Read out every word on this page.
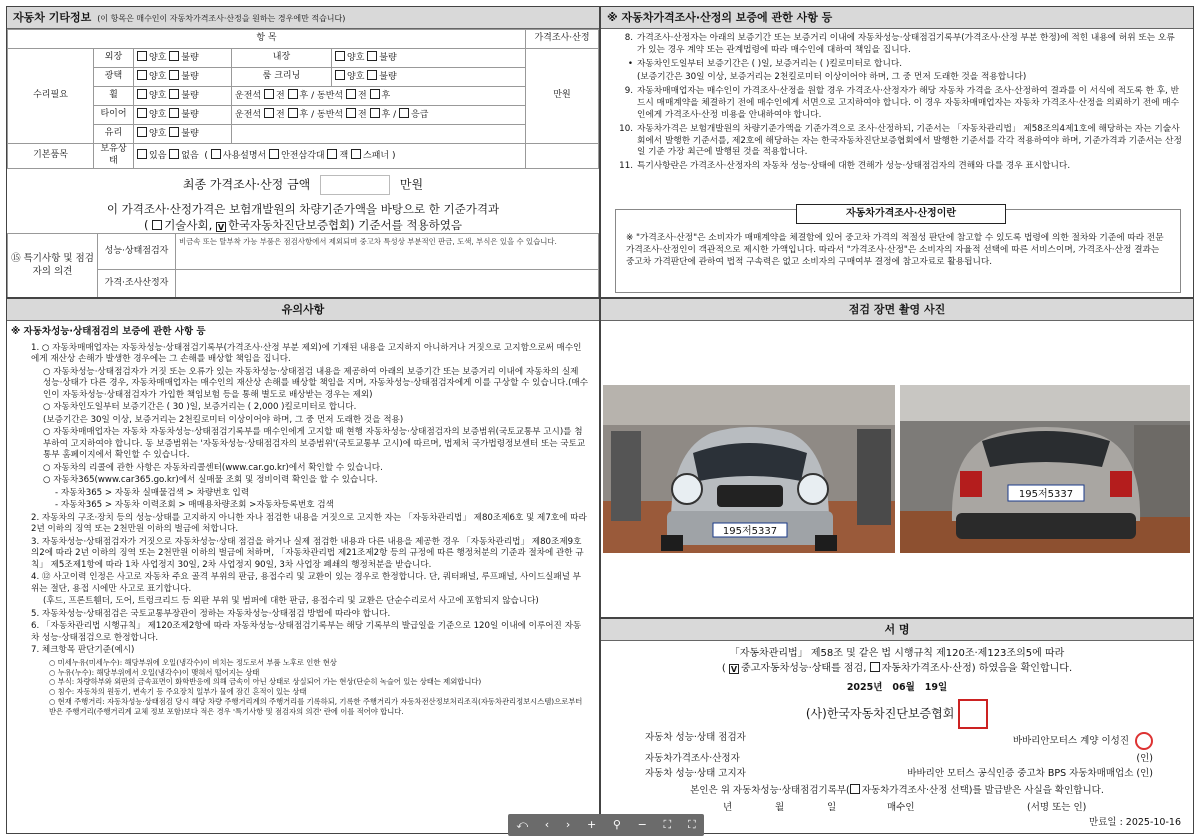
자동차 기타정보 (이 항목은 매수인이 자동차가격조사·산정을 원하는 경우에만 적습니다)
항 목					가격조사·산정
수리필요	외장	양호 불량	내장	양호 불량	만원
	광택	양호 불량	룸 크리닝	양호 불량	
	휠	양호 불량	운전석 전 후 / 동반석 전 후		
	타이어	양호 불량	운전석 전 후 / 동반석 전 후 / 응급		
	유리	양호 불량			
기본품목	보유상태	있음 없음  ( 사용설명서 안전삼각대 잭 스패너 )			
최종 가격조사·산정 금액	만원
이 가격조사·산정가격은 보험개발원의 차량기준가액을 바탕으로 한 기준가격과
( 기술사회, V 한국자동차진단보증협회) 기준서를 적용하였음
⑮ 특기사항 및 점검자의 의견	성능·상태점검자	비금속 또는 탈부착 가능 부품은 점검사항에서 제외되며 중고차 특성상 부분적인 판금, 도색, 부식은 있을 수 있습니다.
	가격·조사산정자	
※ 자동차가격조사·산정의 보증에 관한 사항 등
8. 가격조사·산정자는 아래의 보증기간 또는 보증거리 이내에 자동차성능·상태점검기록부(가격조사·산정 부분 한정)에 적힌 내용에 허위 또는 오류가 있는 경우 계약 또는 관계법령에 따라 매수인에 대하여 책임을 집니다.
• 자동차인도일부터 보증기간은 ( )일, 보증거리는 ( )킬로미터로 합니다.
(보증기간은 30일 이상, 보증거리는 2천킬로미터 이상이어야 하며, 그 중 먼저 도래한 것을 적용합니다)
9. 자동차매매업자는 매수인이 가격조사·산정을 원할 경우 가격조사·산정자가 해당 자동차 가격을 조사·산정하여 결과를 이 서식에 적도록 한 후, 반드시 매매계약을 체결하기 전에 매수인에게 서면으로 고지하여야 합니다. 이 경우 자동차매매업자는 자동차 가격조사·산정을 의뢰하기 전에 매수인에게 가격조사·산정 비용을 안내하여야 합니다.
10. 자동차가격은 보험개발원의 차량기준가액을 기준가격으로 조사·산정하되, 기준서는 「자동차관리법」 제58조의4제1호에 해당하는 자는 기술사회에서 발행한 기준서를, 제2호에 해당하는 자는 한국자동차진단보증협회에서 발행한 기준서를 각각 적용하여야 하며, 기준가격과 기준서는 산정일 기준 가장 최근에 발행된 것을 적용합니다.
11. 특기사항란은 가격조사·산정자의 자동차 성능·상태에 대한 견해가 성능·상태점검자의 견해와 다를 경우 표시합니다.
자동차가격조사·산정이란
※ "가격조사·산정"은 소비자가 매매계약을 체결함에 있어 중고차 가격의 적절성 판단에 참고할 수 있도록 법령에 의한 절차와 기준에 따라 전문 가격조사·산정인이 객관적으로 제시한 가액입니다. 따라서 "가격조사·산정"은 소비자의 자율적 선택에 따른 서비스이며, 가격조사·산정 결과는 중고차 가격판단에 관하여 법적 구속력은 없고 소비자의 구매여부 결정에 참고자료로 활용됩니다.
유의사항
※ 자동차성능·상태점검의 보증에 관한 사항 등
1. ○ 자동차매매업자는 자동차성능·상태점검기록부(가격조사·산정 부분 제외)에 기재된 내용을 고지하지 아니하거나 거짓으로 고지함으로써 매수인에게 재산상 손해가 발생한 경우에는 그 손해를 배상할 책임을 집니다.
○ 자동차성능·상태점검자가 거짓 또는 오류가 있는 자동차성능·상태점검 내용을 제공하여 아래의 보증기간 또는 보증거리 이내에 자동차의 실제 성능·상태가 다른 경우, 자동차매매업자는 매수인의 재산상 손해를 배상할 책임을 지며, 자동차성능·상태점검자에게 이를 구상할 수 있습니다.(매수인이 자동차성능·상태점검자가 가입한 책임보험 등을 통해 별도로 배상받는 경우는 제외)
○ 자동차인도일부터 보증기간은 ( 30 )일, 보증거리는 ( 2,000 )킬로미터로 합니다.
(보증기간은 30일 이상, 보증거리는 2천킬로미터 이상이어야 하며, 그 중 먼저 도래한 것을 적용)
○ 자동차매매업자는 자동차 자동차성능·상태점검기록부를 매수인에게 고지할 때 현행 자동차성능·상태점검자의 보증범위(국토교통부 고시)를 첨부하여 고지하여야 합니다. 동 보증범위는 '자동차성능·상태점검자의 보증범위'(국토교통부 고시)에 따르며, 법제처 국가법령정보센터 또는 국토교통부 홈페이지에서 확인할 수 있습니다.
○ 자동차의 리콜에 관한 사항은 자동차리콜센터(www.car.go.kr)에서 확인할 수 있습니다.
○ 자동차365(www.car365.go.kr)에서 실매물 조회 및 정비이력 확인을 할 수 있습니다.
- 자동차365 > 자동차 실매물검색 > 차량번호 입력
- 자동차365 > 자동차 이력조회 > 매매용차량조회 >자동차등록번호 검색
2. 자동차의 구조·장치 등의 성능·상태를 고지하지 아니한 자나 점검한 내용을 거짓으로 고지한 자는 「자동차관리법」 제80조제6호 및 제7호에 따라 2년 이하의 징역 또는 2천만원 이하의 벌금에 처합니다.
3. 자동차성능·상태점검자가 거짓으로 자동차성능·상태 점검을 하거나 실제 점검한 내용과 다른 내용을 제공한 경우 「자동차관리법」 제80조제9호의2에 따라 2년 이하의 징역 또는 2천만원 이하의 벌금에 처하며, 「자동차관리법 제21조제2항 등의 규정에 따른 행정처분의 기준과 절차에 관한 규칙」 제5조제1항에 따라 1차 사업정지 30일, 2차 사업정지 90일, 3차 사업장 폐쇄의 행정처분을 받습니다.
4. ⑫ 사고이력 인정은 사고로 자동차 주요 골격 부위의 판금, 용접수리 및 교환이 있는 경우로 한정합니다. 단, 쿼터패널, 루프패널, 사이드실패널 부위는 절단, 용접 시에만 사고로 표기합니다.
(후드, 프론트휀더, 도어, 트렁크리드 등 외판 부위 및 범퍼에 대한 판금, 용접수리 및 교환은 단순수리로서 사고에 포함되지 않습니다)
5. 자동차성능·상태점검은 국토교통부장관이 정하는 자동차성능·상태점검 방법에 따라야 합니다.
6. 「자동차관리법 시행규칙」 제120조제2항에 따라 자동차성능·상태점검기록부는 해당 기록부의 발급일을 기준으로 120일 이내에 이루어진 자동차 성능·상태점검으로 한정합니다.
7. 체크항목 판단기준(예시)
○ 미세누유(미세누수): 해당부위에 오일(냉각수)이 비치는 정도로서 부품 노후로 인한 현상
○ 누유(누수): 해당부위에서 오일(냉각수)이 맺혀서 떨어지는 상태
○ 부식: 차량하부와 외판의 금속표면이 화학반응에 의해 금속이 아닌 상태로 상실되어 가는 현상(단순히 녹슬어 있는 상태는 제외합니다)
○ 침수: 자동차의 원동기, 변속기 등 주요장치 일부가 물에 잠긴 흔적이 있는 상태
○ 현재 주행거리: 자동차성능·상태점검 당시 해당 차량 주행거리계의 주행거리를 기록하되, 기록한 주행거리가 자동차전산정보처리조직(자동차관리정보시스템)으로부터 받은 주행거리(주행거리계 교체 정보 포함)보다 적은 경우 '특기사항 및 점검자의 의견' 란에 이를 적어야 합니다.
점검 장면 촬영 사진
195저5337
195저5337
서 명
「자동차관리법」 제58조 및 같은 법 시행규칙 제120조·제123조의5에 따라
( V 중고자동차성능·상태를 점검, 자동차가격조사·산정) 하였음을 확인합니다.
2025년 06월 19일
(사)한국자동차진단보증협회
자동차 성능·상태 점검자	바바리안모터스 계양 이성진
자동차가격조사·산정자	(인)
자동차 성능·상태 고지자	바바리안 모터스 공식인증 중고차 BPS 자동차매매업소 (인)
본인은 위 자동차성능·상태점검기록부( 자동차가격조사·산정 선택)를 발급받은 사실을 확인합니다.
년	월	일	매수인	(서명 또는 인)
만료일 : 2025-10-16
⤺ ‹ › + ⚲ − ⛶ ⛶
